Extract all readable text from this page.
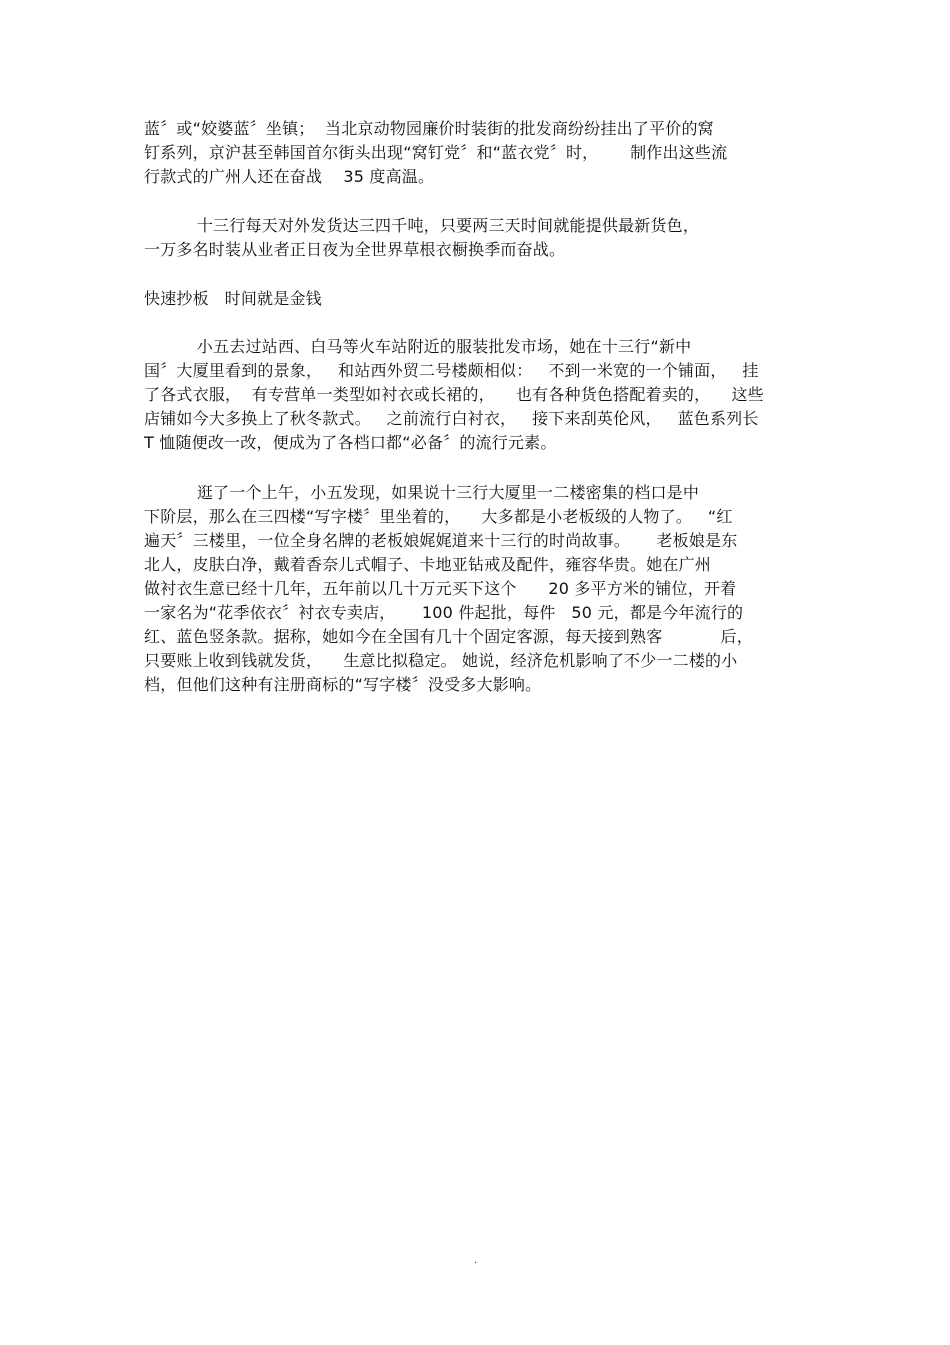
蓝〞或“姣婆蓝〞坐镇；  当北京动物园廉价时装街的批发商纷纷挂出了平价的窝
钉系列，京沪甚至韩国首尔街头出现“窝钉党〞和“蓝衣党〞时，      制作出这些流
行款式的广州人还在奋战    35 度高温。
十三行每天对外发货达三四千吨，只要两三天时间就能提供最新货色，
一万多名时装从业者正日夜为全世界草根衣橱换季而奋战。
快速抄板   时间就是金钱
小五去过站西、白马等火车站附近的服装批发市场，她在十三行“新中
国〞大厦里看到的景象，   和站西外贸二号楼颇相似：   不到一米宽的一个铺面，   挂
了各式衣服，  有专营单一类型如衬衣或长裙的，    也有各种货色搭配着卖的，    这些
店铺如今大多换上了秋冬款式。   之前流行白衬衣，   接下来刮英伦风，   蓝色系列长
T 恤随便改一改，便成为了各档口都“必备〞的流行元素。
逛了一个上午，小五发现，如果说十三行大厦里一二楼密集的档口是中
下阶层，那么在三四楼“写字楼〞里坐着的，    大多都是小老板级的人物了。   “红
遍天〞三楼里，一位全身名牌的老板娘娓娓道来十三行的时尚故事。     老板娘是东
北人，皮肤白净，戴着香奈儿式帽子、卡地亚钻戒及配件，雍容华贵。她在广州
做衬衣生意已经十几年，五年前以几十万元买下这个      20 多平方米的铺位，开着
一家名为“花季依衣〞衬衣专卖店，     100 件起批，每件   50 元，都是今年流行的
红、蓝色竖条款。据称，她如今在全国有几十个固定客源，每天接到熟客           后，
只要账上收到钱就发货，    生意比拟稳定。 她说，经济危机影响了不少一二楼的小
档，但他们这种有注册商标的“写字楼〞没受多大影响。
.
